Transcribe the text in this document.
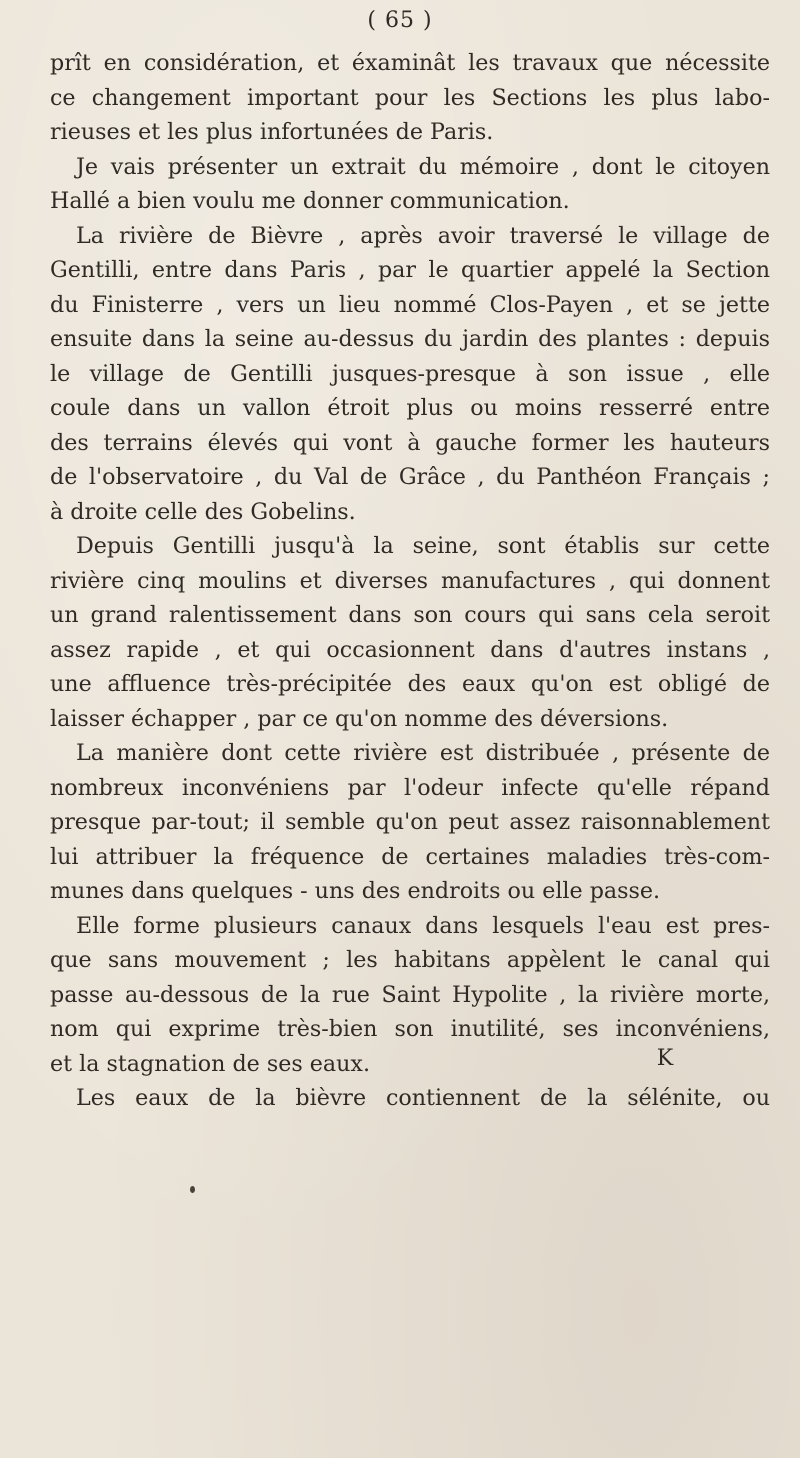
( 65 )
prît en considération, et éxaminât les travaux que nécessite
ce changement important pour les Sections les plus labo-
rieuses et les plus infortunées de Paris.
Je vais présenter un extrait du mémoire , dont le citoyen
Hallé a bien voulu me donner communication.
La rivière de Bièvre , après avoir traversé le village de
Gentilli, entre dans Paris , par le quartier appelé la Section
du Finisterre , vers un lieu nommé Clos-Payen , et se jette
ensuite dans la seine au-dessus du jardin des plantes : depuis
le village de Gentilli jusques-presque à son issue , elle
coule dans un vallon étroit plus ou moins resserré entre
des terrains élevés qui vont à gauche former les hauteurs
de l'observatoire , du Val de Grâce , du Panthéon Français ;
à droite celle des Gobelins.
Depuis Gentilli jusqu'à la seine, sont établis sur cette
rivière cinq moulins et diverses manufactures , qui donnent
un grand ralentissement dans son cours qui sans cela seroit
assez rapide , et qui occasionnent dans d'autres instans ,
une affluence très-précipitée des eaux qu'on est obligé de
laisser échapper , par ce qu'on nomme des déversions.
La manière dont cette rivière est distribuée , présente de
nombreux inconvéniens par l'odeur infecte qu'elle répand
presque par-tout; il semble qu'on peut assez raisonnablement
lui attribuer la fréquence de certaines maladies très-com-
munes dans quelques - uns des endroits ou elle passe.
Elle forme plusieurs canaux dans lesquels l'eau est pres-
que sans mouvement ; les habitans appèlent le canal qui
passe au-dessous de la rue Saint Hypolite , la rivière morte,
nom qui exprime très-bien son inutilité, ses inconvéniens,
et la stagnation de ses eaux.
Les eaux de la bièvre contiennent de la sélénite, ou
K
